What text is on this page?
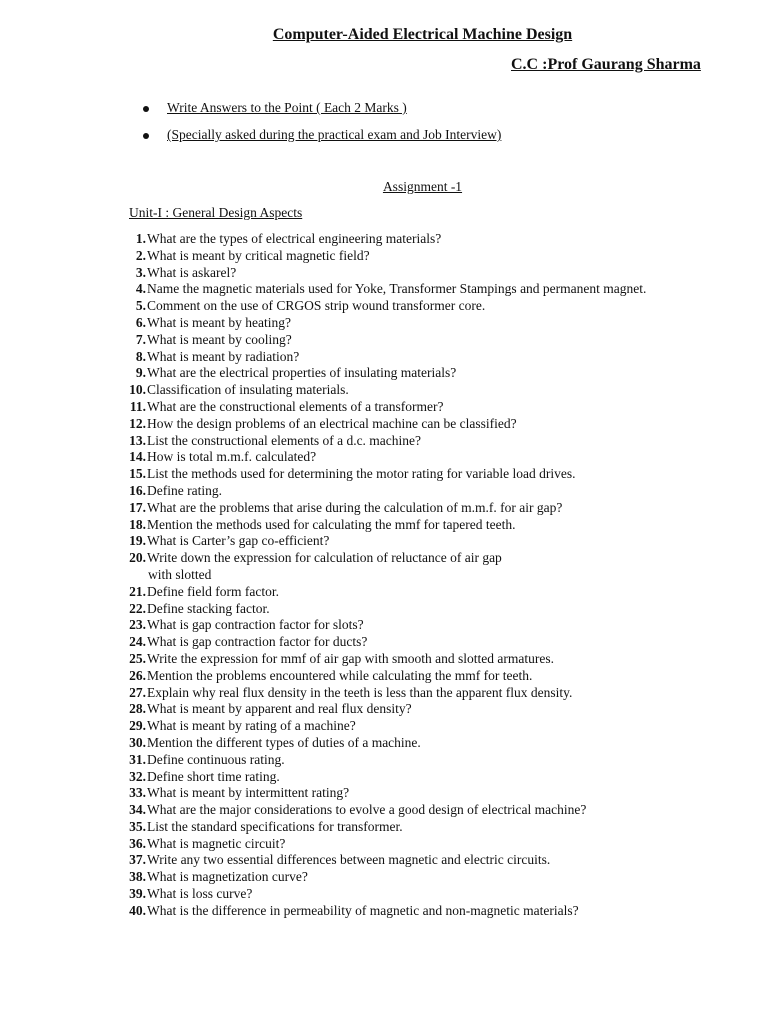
Computer-Aided Electrical Machine Design
C.C :Prof Gaurang Sharma
Write Answers to the Point ( Each 2 Marks )
(Specially asked during the practical exam and Job Interview)
Assignment -1
Unit-I : General Design Aspects
1.What are the types of electrical engineering materials?
2.What is meant by critical magnetic field?
3.What is askarel?
4.Name the magnetic materials used for Yoke, Transformer Stampings and permanent magnet.
5.Comment on the use of CRGOS strip wound transformer core.
6.What is meant by heating?
7.What is meant by cooling?
8.What is meant by radiation?
9.What are the electrical properties of insulating materials?
10.Classification of insulating materials.
11.What are the constructional elements of a transformer?
12.How the design problems of an electrical machine can be classified?
13.List the constructional elements of a d.c. machine?
14.How is total m.m.f. calculated?
15.List the methods used for determining the motor rating for variable load drives.
16.Define rating.
17.What are the problems that arise during the calculation of m.m.f. for air gap?
18.Mention the methods used for calculating the mmf for tapered teeth.
19.What is Carter’s gap co-efficient?
20.Write down the expression for calculation of reluctance of air gap
with slotted
21.Define field form factor.
22.Define stacking factor.
23.What is gap contraction factor for slots?
24.What is gap contraction factor for ducts?
25.Write the expression for mmf of air gap with smooth and slotted armatures.
26.Mention the problems encountered while calculating the mmf for teeth.
27.Explain why real flux density in the teeth is less than the apparent flux density.
28.What is meant by apparent and real flux density?
29.What is meant by rating of a machine?
30.Mention the different types of duties of a machine.
31.Define continuous rating.
32.Define short time rating.
33.What is meant by intermittent rating?
34.What are the major considerations to evolve a good design of electrical machine?
35.List the standard specifications for transformer.
36.What is magnetic circuit?
37.Write any two essential differences between magnetic and electric circuits.
38.What is magnetization curve?
39.What is loss curve?
40.What is the difference in permeability of magnetic and non-magnetic materials?
